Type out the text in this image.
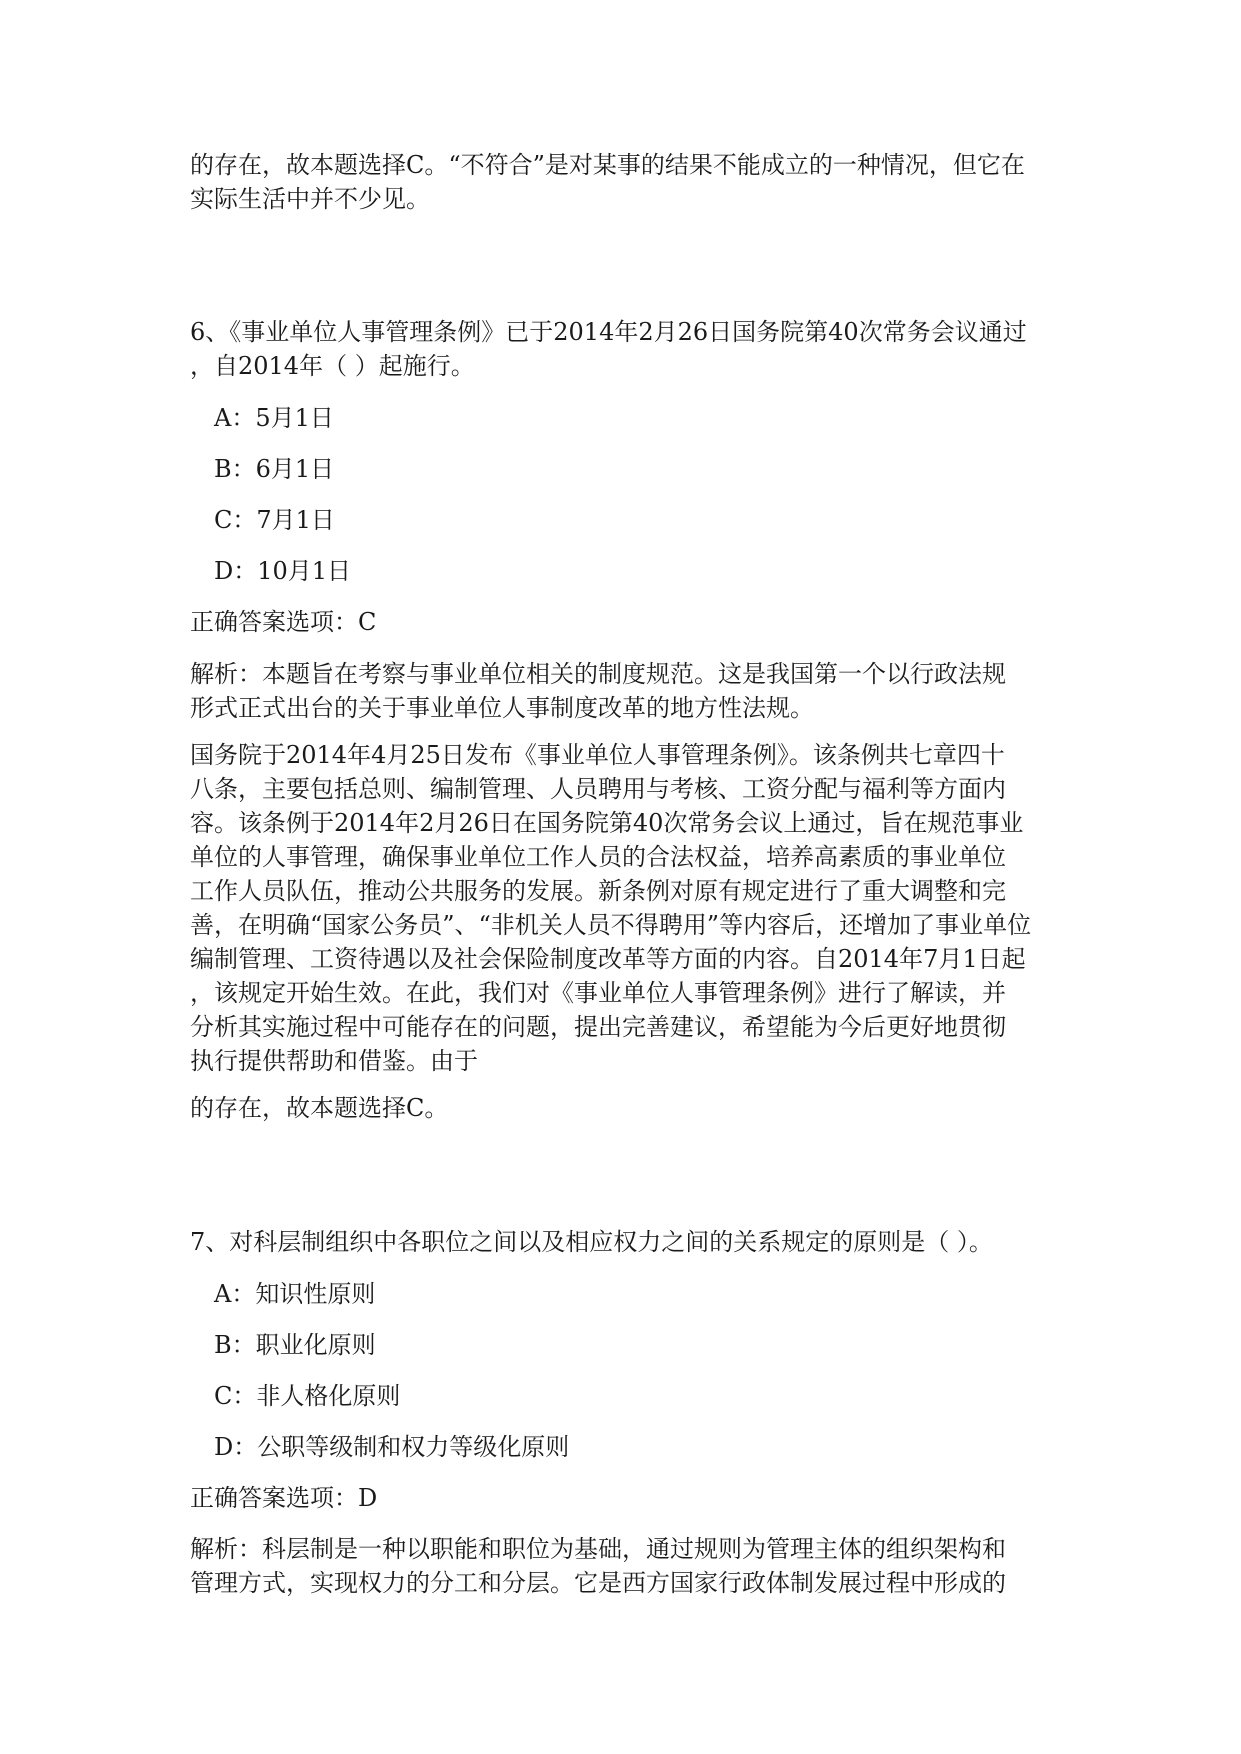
的存在，故本题选择C。“不符合”是对某事的结果不能成立的一种情况，但它在
实际生活中并不少见。
6、《事业单位人事管理条例》已于2014年2月26日国务院第40次常务会议通过
，自2014年（ ）起施行。

A：5月1日

B：6月1日

C：7月1日

D：10月1日

正确答案选项：C

解析：本题旨在考察与事业单位相关的制度规范。这是我国第一个以行政法规
形式正式出台的关于事业单位人事制度改革的地方性法规。
国务院于2014年4月25日发布《事业单位人事管理条例》。该条例共七章四十
八条，主要包括总则、编制管理、人员聘用与考核、工资分配与福利等方面内
容。该条例于2014年2月26日在国务院第40次常务会议上通过，旨在规范事业
单位的人事管理，确保事业单位工作人员的合法权益，培养高素质的事业单位
工作人员队伍，推动公共服务的发展。新条例对原有规定进行了重大调整和完
善，在明确“国家公务员”、“非机关人员不得聘用”等内容后，还增加了事业单位
编制管理、工资待遇以及社会保险制度改革等方面的内容。自2014年7月1日起
，该规定开始生效。在此，我们对《事业单位人事管理条例》进行了解读，并
分析其实施过程中可能存在的问题，提出完善建议，希望能为今后更好地贯彻
执行提供帮助和借鉴。由于

的存在，故本题选择C。

7、对科层制组织中各职位之间以及相应权力之间的关系规定的原则是（ ）。

A：知识性原则

B：职业化原则

C：非人格化原则

D：公职等级制和权力等级化原则

正确答案选项：D

解析：科层制是一种以职能和职位为基础，通过规则为管理主体的组织架构和
管理方式，实现权力的分工和分层。它是西方国家行政体制发展过程中形成的
